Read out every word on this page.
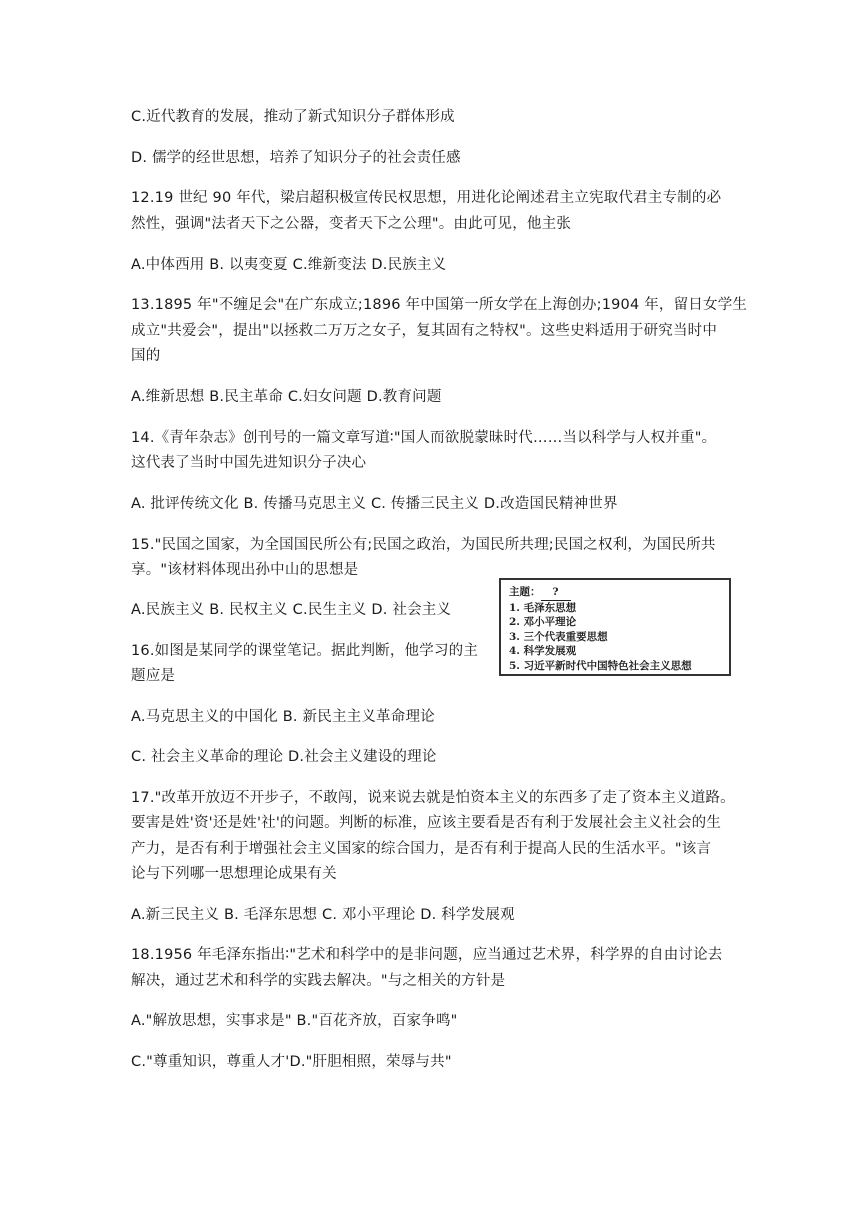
C.近代教育的发展，推动了新式知识分子群体形成
D. 儒学的经世思想，培养了知识分子的社会责任感
12.19 世纪 90 年代，梁启超积极宣传民权思想，用进化论阐述君主立宪取代君主专制的必
然性，强调"法者天下之公器，变者天下之公理"。由此可见，他主张
A.中体西用 B. 以夷变夏 C.维新变法 D.民族主义
13.1895 年"不缠足会"在广东成立;1896 年中国第一所女学在上海创办;1904 年，留日女学生
成立"共爱会"，提出"以拯救二万万之女子，复其固有之特权"。这些史料适用于研究当时中
国的
A.维新思想 B.民主革命 C.妇女问题 D.教育问题
14.《青年杂志》创刊号的一篇文章写道∶"国人而欲脱蒙昧时代……当以科学与人权并重"。
这代表了当时中国先进知识分子决心
A. 批评传统文化 B. 传播马克思主义 C. 传播三民主义 D.改造国民精神世界
15."民国之国家，为全国国民所公有;民国之政治，为国民所共理;民国之权利，为国民所共
享。"该材料体现出孙中山的思想是
A.民族主义 B. 民权主义 C.民生主义 D. 社会主义
16.如图是某同学的课堂笔记。据此判断，他学习的主
题应是
A.马克思主义的中国化 B. 新民主主义革命理论
C. 社会主义革命的理论 D.社会主义建设的理论
17."改革开放迈不开步子，不敢闯，说来说去就是怕资本主义的东西多了走了资本主义道路。
要害是姓'资'还是姓'社'的问题。判断的标准，应该主要看是否有利于发展社会主义社会的生
产力，是否有利于增强社会主义国家的综合国力，是否有利于提高人民的生活水平。"该言
论与下列哪一思想理论成果有关
A.新三民主义 B. 毛泽东思想 C. 邓小平理论 D. 科学发展观
18.1956 年毛泽东指出∶"艺术和科学中的是非问题，应当通过艺术界，科学界的自由讨论去
解决，通过艺术和科学的实践去解决。"与之相关的方针是
A."解放思想，实事求是" B."百花齐放，百家争鸣"
C."尊重知识，尊重人才'D."肝胆相照，荣辱与共"
主题： ?
1. 毛泽东思想
2. 邓小平理论
3. 三个代表重要思想
4. 科学发展观
5. 习近平新时代中国特色社会主义思想
